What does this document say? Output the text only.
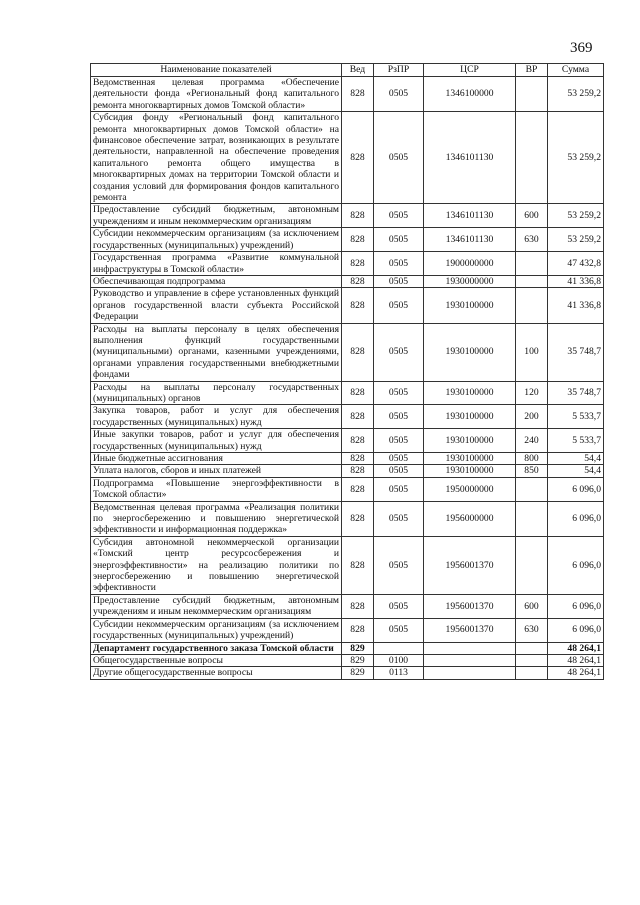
369
Наименование показателей	Вед	РзПР	ЦСР	ВР	Сумма
Ведомственная целевая программа «Обеспечение деятельности фонда «Региональный фонд капитального ремонта многоквартирных домов Томской области»	828	0505	1346100000		53 259,2
Субсидия фонду «Региональный фонд капитального ремонта многоквартирных домов Томской области» на финансовое обеспечение затрат, возникающих в результате деятельности, направленной на обеспечение проведения капитального ремонта общего имущества в многоквартирных домах на территории Томской области и создания условий для формирования фондов капитального ремонта	828	0505	1346101130		53 259,2
Предоставление субсидий бюджетным, автономным учреждениям и иным некоммерческим организациям	828	0505	1346101130	600	53 259,2
Субсидии некоммерческим организациям (за исключением государственных (муниципальных) учреждений)	828	0505	1346101130	630	53 259,2
Государственная программа «Развитие коммунальной инфраструктуры в Томской области»	828	0505	1900000000		47 432,8
Обеспечивающая подпрограмма	828	0505	1930000000		41 336,8
Руководство и управление в сфере установленных функций органов государственной власти субъекта Российской Федерации	828	0505	1930100000		41 336,8
Расходы на выплаты персоналу в целях обеспечения выполнения функций государственными (муниципальными) органами, казенными учреждениями, органами управления государственными внебюджетными фондами	828	0505	1930100000	100	35 748,7
Расходы на выплаты персоналу государственных (муниципальных) органов	828	0505	1930100000	120	35 748,7
Закупка товаров, работ и услуг для обеспечения государственных (муниципальных) нужд	828	0505	1930100000	200	5 533,7
Иные закупки товаров, работ и услуг для обеспечения государственных (муниципальных) нужд	828	0505	1930100000	240	5 533,7
Иные бюджетные ассигнования	828	0505	1930100000	800	54,4
Уплата налогов, сборов и иных платежей	828	0505	1930100000	850	54,4
Подпрограмма «Повышение энергоэффективности в Томской области»	828	0505	1950000000		6 096,0
Ведомственная целевая программа «Реализация политики по энергосбережению и повышению энергетической эффективности и информационная поддержка»	828	0505	1956000000		6 096,0
Субсидия автономной некоммерческой организации «Томский центр ресурсосбережения и энергоэффективности» на реализацию политики по энергосбережению и повышению энергетической эффективности	828	0505	1956001370		6 096,0
Предоставление субсидий бюджетным, автономным учреждениям и иным некоммерческим организациям	828	0505	1956001370	600	6 096,0
Субсидии некоммерческим организациям (за исключением государственных (муниципальных) учреждений)	828	0505	1956001370	630	6 096,0
Департамент государственного заказа Томской области	829				48 264,1
Общегосударственные вопросы	829	0100			48 264,1
Другие общегосударственные вопросы	829	0113			48 264,1
